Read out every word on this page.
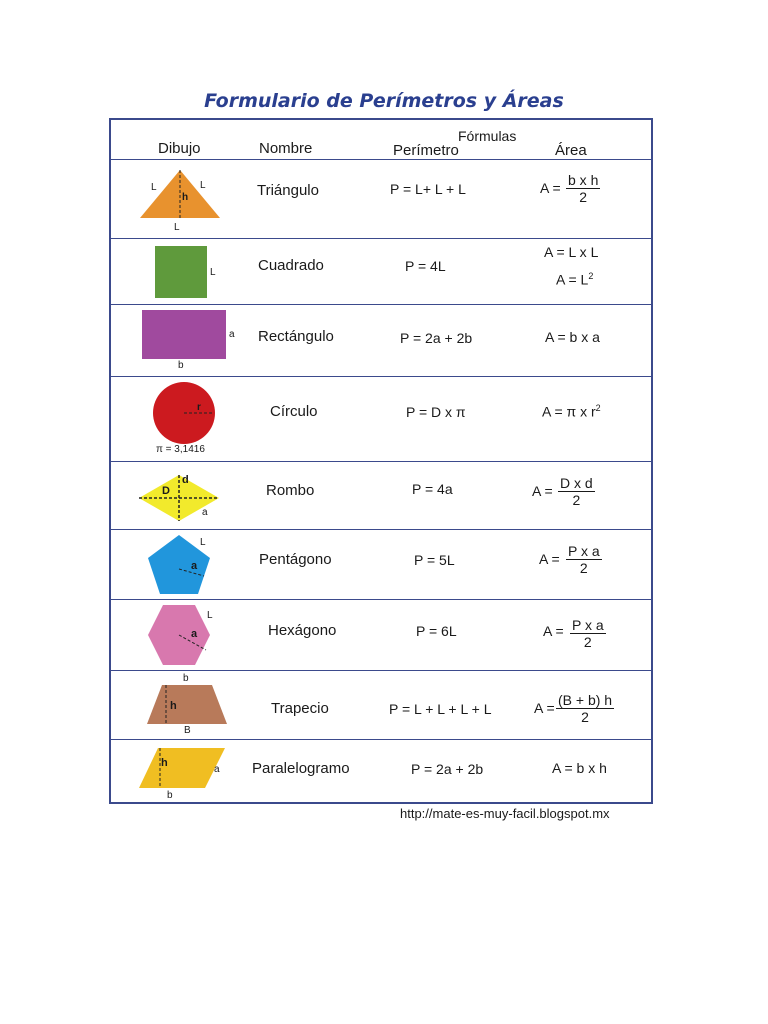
Formulario de Perímetros y Áreas
Dibujo	Nombre
Fórmulas
Perímetro	Área
L	L
h
L
Triángulo	P = L+ L + L	$A = \frac{\text{b x h}}{2}$
L	Cuadrado	P = 4L
A = L x L
$A = L^2$
a
b
Rectángulo	P = 2a + 2b	A = b x a
r
π = 3,1416
Círculo	P = D x π	A = π x $r^2$
D
d
a
Rombo	P = 4a	$A = \frac{\text{D x d}}{2}$
L
a	Pentágono	P = 5L	$A = \frac{\text{P x a}}{2}$
L
a	Hexágono	P = 6L	$A = \frac{\text{P x a}}{2}$
b
h
B
Trapecio	P = L + L + L + L	$A = \frac{(B + b) h}{2}$
h
a
b
Paralelogramo	P = 2a + 2b	A = b x h
http://mate-es-muy-facil.blogspot.mx
